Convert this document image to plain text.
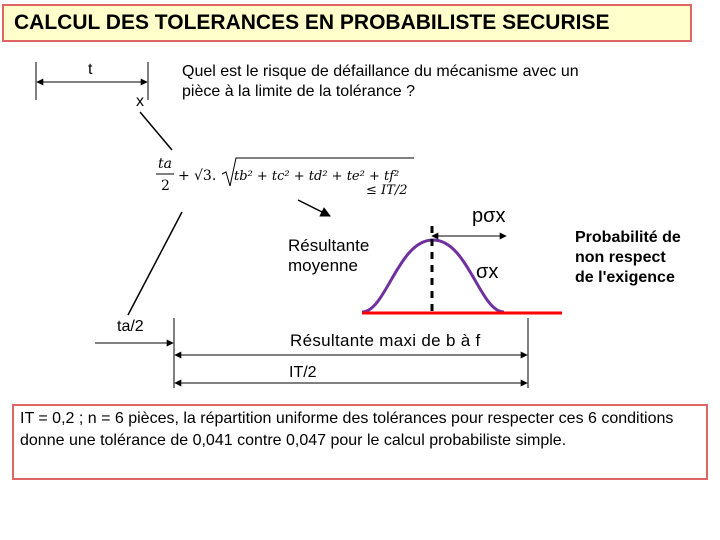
CALCUL DES TOLERANCES EN PROBABILISTE SECURISE
Quel est le risque de défaillance du mécanisme avec un
pièce à la limite de la tolérance ?
t
x
ta
2
+ √3. tb² + tc² + td² + te² + tf²
≤ IT/2
Résultante
moyenne
pσx
σx
Probabilité de
non respect
de l'exigence
ta/2
Résultante maxi de b à f
IT/2
IT = 0,2 ; n = 6 pièces, la répartition uniforme des tolérances pour respecter ces 6 conditions donne une tolérance de 0,041 contre 0,047 pour le calcul probabiliste simple.
